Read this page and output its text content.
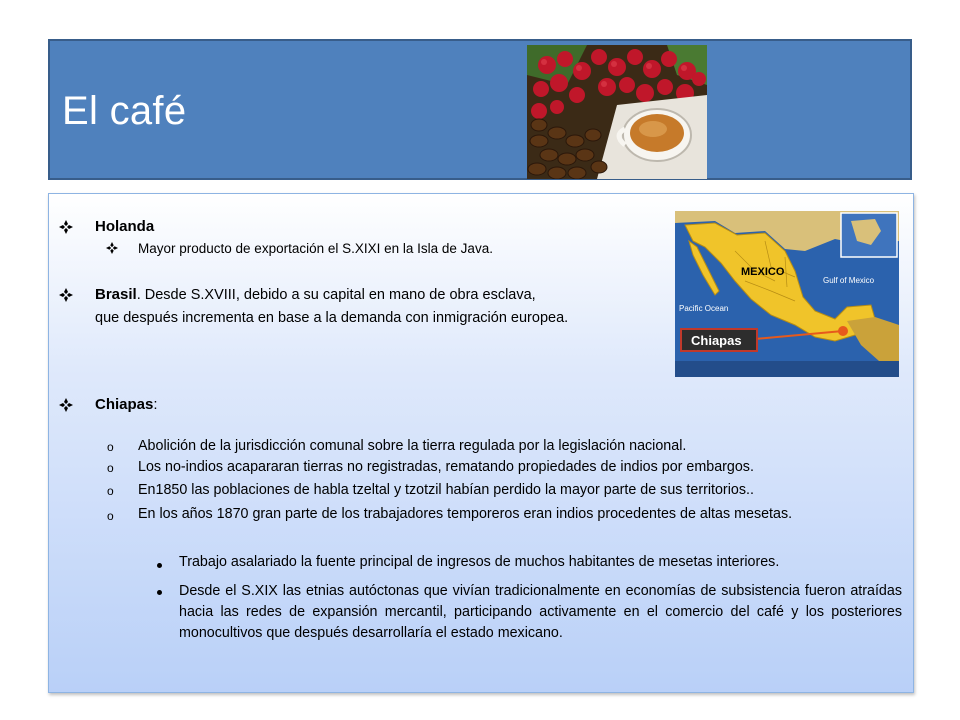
El café
Chiapas
MEXICO
Gulf of Mexico
Pacific Ocean
Holanda
Mayor producto de exportación el S.XIXI en la Isla de Java.
Brasil. Desde S.XVIII, debido a su capital en mano de obra esclava,
que después incrementa en base a la demanda con inmigración europea.
Chiapas:
o Abolición de la jurisdicción comunal sobre la tierra regulada por la legislación nacional.
o Los no-indios acapararan tierras no registradas, rematando propiedades de indios por embargos.
o En1850 las poblaciones de habla tzeltal y tzotzil habían perdido la mayor parte de sus territorios..
o En los años 1870 gran parte de los trabajadores temporeros eran indios procedentes de altas mesetas.
Trabajo asalariado la fuente principal de ingresos de muchos habitantes de mesetas interiores.
Desde el S.XIX las etnias autóctonas que vivían tradicionalmente en economías de subsistencia fueron atraídas hacia las redes de expansión mercantil, participando activamente en el comercio del café y los posteriores monocultivos que después desarrollaría el estado mexicano.
